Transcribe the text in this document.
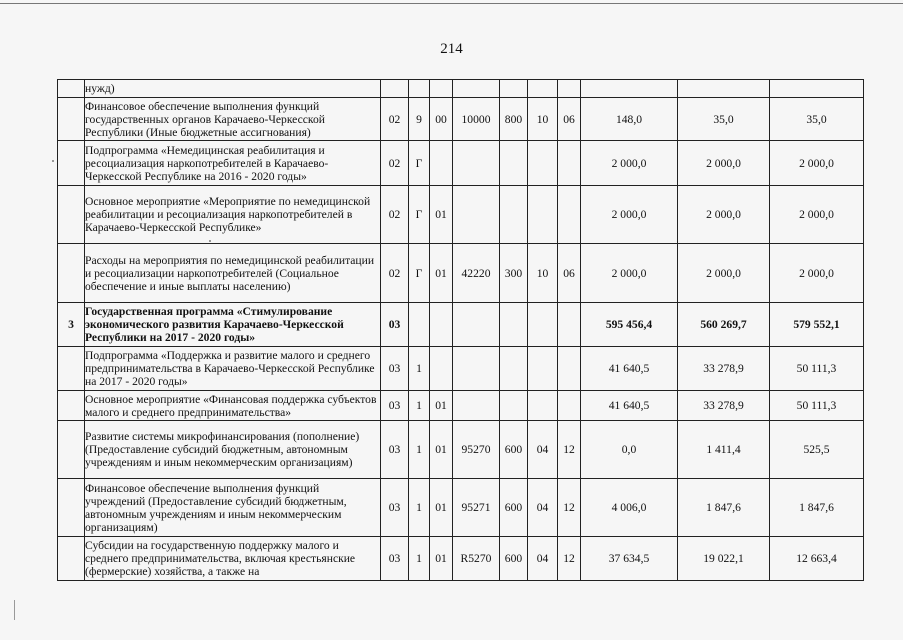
214
	нужд)										
	Финансовое обеспечение выполнения функций государственных органов Карачаево-Черкесской Республики (Иные бюджетные ассигнования)	02	9	00	10000	800	10	06	148,0	35,0	35,0
	Подпрограмма «Немедицинская реабилитация и ресоциализация наркопотребителей в Карачаево-Черкесской Республике на 2016 - 2020 годы»	02	Г						2 000,0	2 000,0	2 000,0
	Основное мероприятие «Мероприятие по немедицинской реабилитации и ресоциализация наркопотребителей в Карачаево-Черкесской Республике»	02	Г	01					2 000,0	2 000,0	2 000,0
	Расходы на мероприятия по немедицинской реабилитации и ресоциализации наркопотребителей (Социальное обеспечение и иные выплаты населению)	02	Г	01	42220	300	10	06	2 000,0	2 000,0	2 000,0
3	Государственная программа «Стимулирование экономического развития Карачаево-Черкесской Республики на 2017 - 2020 годы»	03							595 456,4	560 269,7	579 552,1
	Подпрограмма «Поддержка и развитие малого и среднего предпринимательства в Карачаево-Черкесской Республике на 2017 - 2020 годы»	03	1						41 640,5	33 278,9	50 111,3
	Основное мероприятие «Финансовая поддержка субъектов малого и среднего предпринимательства»	03	1	01					41 640,5	33 278,9	50 111,3
	Развитие системы микрофинансирования (пополнение) (Предоставление субсидий бюджетным, автономным учреждениям и иным некоммерческим организациям)	03	1	01	95270	600	04	12	0,0	1 411,4	525,5
	Финансовое обеспечение выполнения функций учреждений (Предоставление субсидий бюджетным, автономным учреждениям и иным некоммерческим организациям)	03	1	01	95271	600	04	12	4 006,0	1 847,6	1 847,6
	Субсидии на государственную поддержку малого и среднего предпринимательства, включая крестьянские (фермерские) хозяйства, а также на	03	1	01	R5270	600	04	12	37 634,5	19 022,1	12 663,4
